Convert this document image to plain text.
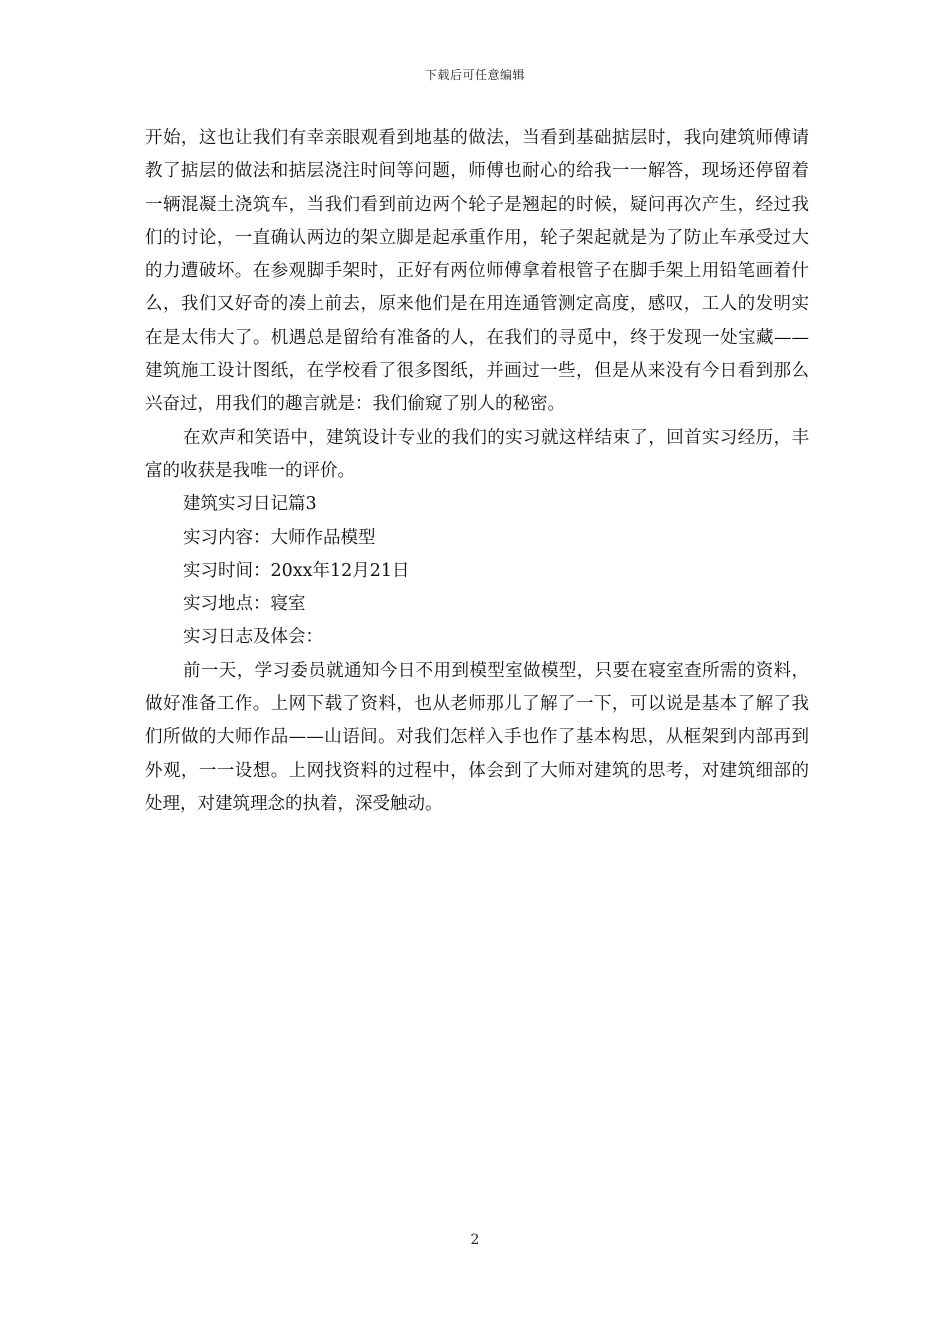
下载后可任意编辑

开始，这也让我们有幸亲眼观看到地基的做法，当看到基础掂层时，我向建筑师傅请教了掂层的做法和掂层浇注时间等问题，师傅也耐心的给我一一解答，现场还停留着一辆混凝土浇筑车，当我们看到前边两个轮子是翘起的时候，疑问再次产生，经过我们的讨论，一直确认两边的架立脚是起承重作用，轮子架起就是为了防止车承受过大的力遭破坏。在参观脚手架时，正好有两位师傅拿着根管子在脚手架上用铅笔画着什么，我们又好奇的凑上前去，原来他们是在用连通管测定高度，感叹，工人的发明实在是太伟大了。机遇总是留给有准备的人，在我们的寻觅中，终于发现一处宝藏——建筑施工设计图纸，在学校看了很多图纸，并画过一些，但是从来没有今日看到那么兴奋过，用我们的趣言就是：我们偷窥了别人的秘密。

在欢声和笑语中，建筑设计专业的我们的实习就这样结束了，回首实习经历，丰富的收获是我唯一的评价。

建筑实习日记篇3

实习内容：大师作品模型

实习时间：20xx年12月21日

实习地点：寝室

实习日志及体会：

前一天，学习委员就通知今日不用到模型室做模型，只要在寝室查所需的资料，做好准备工作。上网下载了资料，也从老师那儿了解了一下，可以说是基本了解了我们所做的大师作品——山语间。对我们怎样入手也作了基本构思，从框架到内部再到外观，一一设想。上网找资料的过程中，体会到了大师对建筑的思考，对建筑细部的处理，对建筑理念的执着，深受触动。

2
